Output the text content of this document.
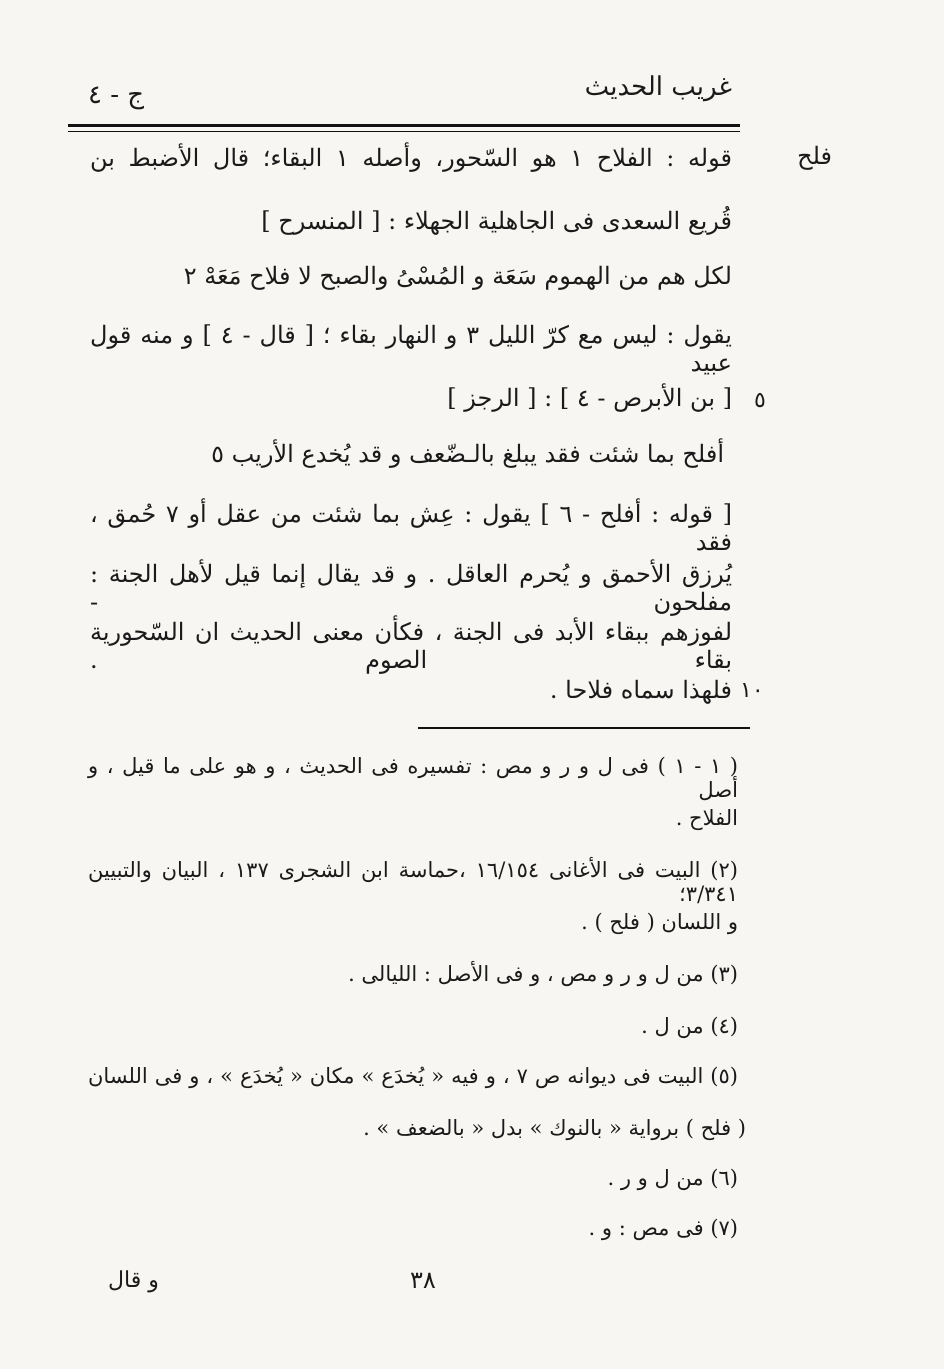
غريب الحديث
ج - ٤
فلح
قوله : الفلاح ١ هو السّحور، وأصله ١ البقاء؛ قال الأضبط بن
قُريع السعدى فى الجاهلية الجهلاء : [ المنسرح ]
لكل هم من الهموم سَعَة و المُسْىُ والصبح لا فلاح مَعَهْ ٢
يقول : ليس مع كرّ الليل ٣ و النهار بقاء ؛ [ قال - ٤ ] و منه قول عبيد
[ بن الأبرص - ٤ ] : [ الرجز ] ٥
أفلح بما شئت فقد يبلغ بال‍ـضّعف و قد يُخدع الأريب ٥
[ قوله : أفلح - ٦ ] يقول : عِش بما شئت من عقل أو ٧ حُمق ، فقد
يُرزق الأحمق و يُحرم العاقل . و قد يقال إنما قيل لأهل الجنة : مفلحون -
لفوزهم ببقاء الأبد فى الجنة ، فكأن معنى الحديث ان السّحورية بقاء الصوم .
فلهذا سماه فلاحا . ١٠
( ١ - ١ ) فى ل و ر و مص : تفسيره فى الحديث ، و هو على ما قيل ، و أصل
الفلاح .
(٢) البيت فى الأغانى ١٦/١٥٤ ،حماسة ابن الشجرى ١٣٧ ، البيان والتبيين ٣/٣٤١؛
و اللسان ( فلح ) .
(٣) من ل و ر و مص ، و فى الأصل : الليالى .
(٤) من ل .
(٥) البيت فى ديوانه ص ٧ ، و فيه « يُخدَع » مكان « يُخدَع » ، و فى اللسان
( فلح ) برواية « بالنوك » بدل « بالضعف » .
(٦) من ل و ر .
(٧) فى مص : و .
و قال	٣٨
